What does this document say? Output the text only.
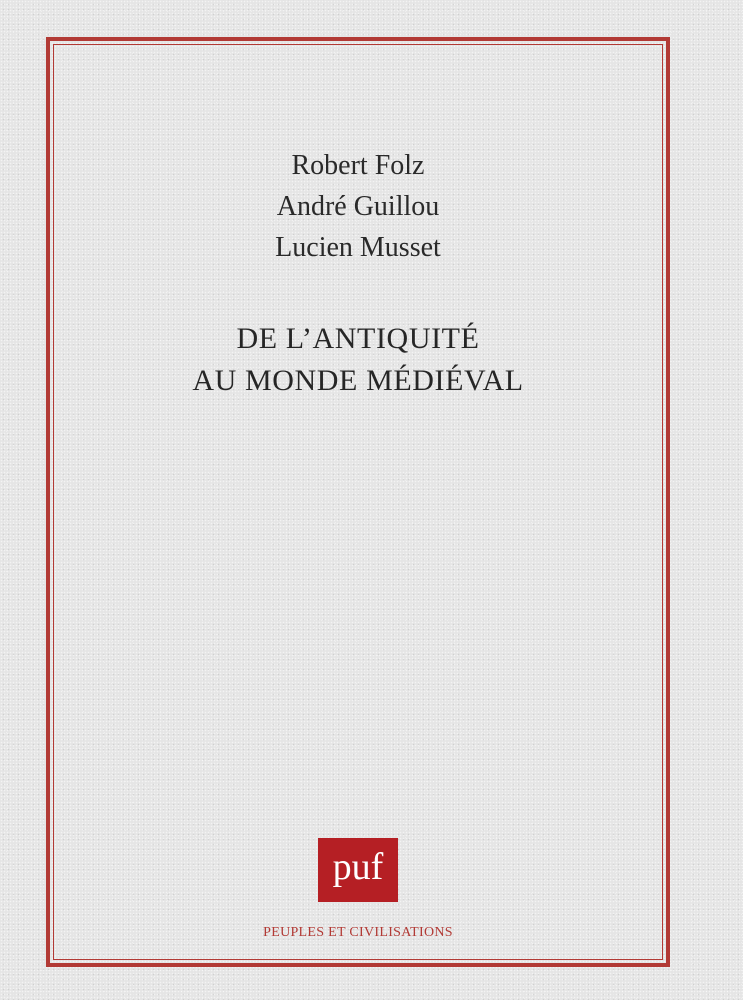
Robert Folz
André Guillou
Lucien Musset
DE L’ANTIQUITÉ
AU MONDE MÉDIÉVAL
puf
PEUPLES ET CIVILISATIONS
